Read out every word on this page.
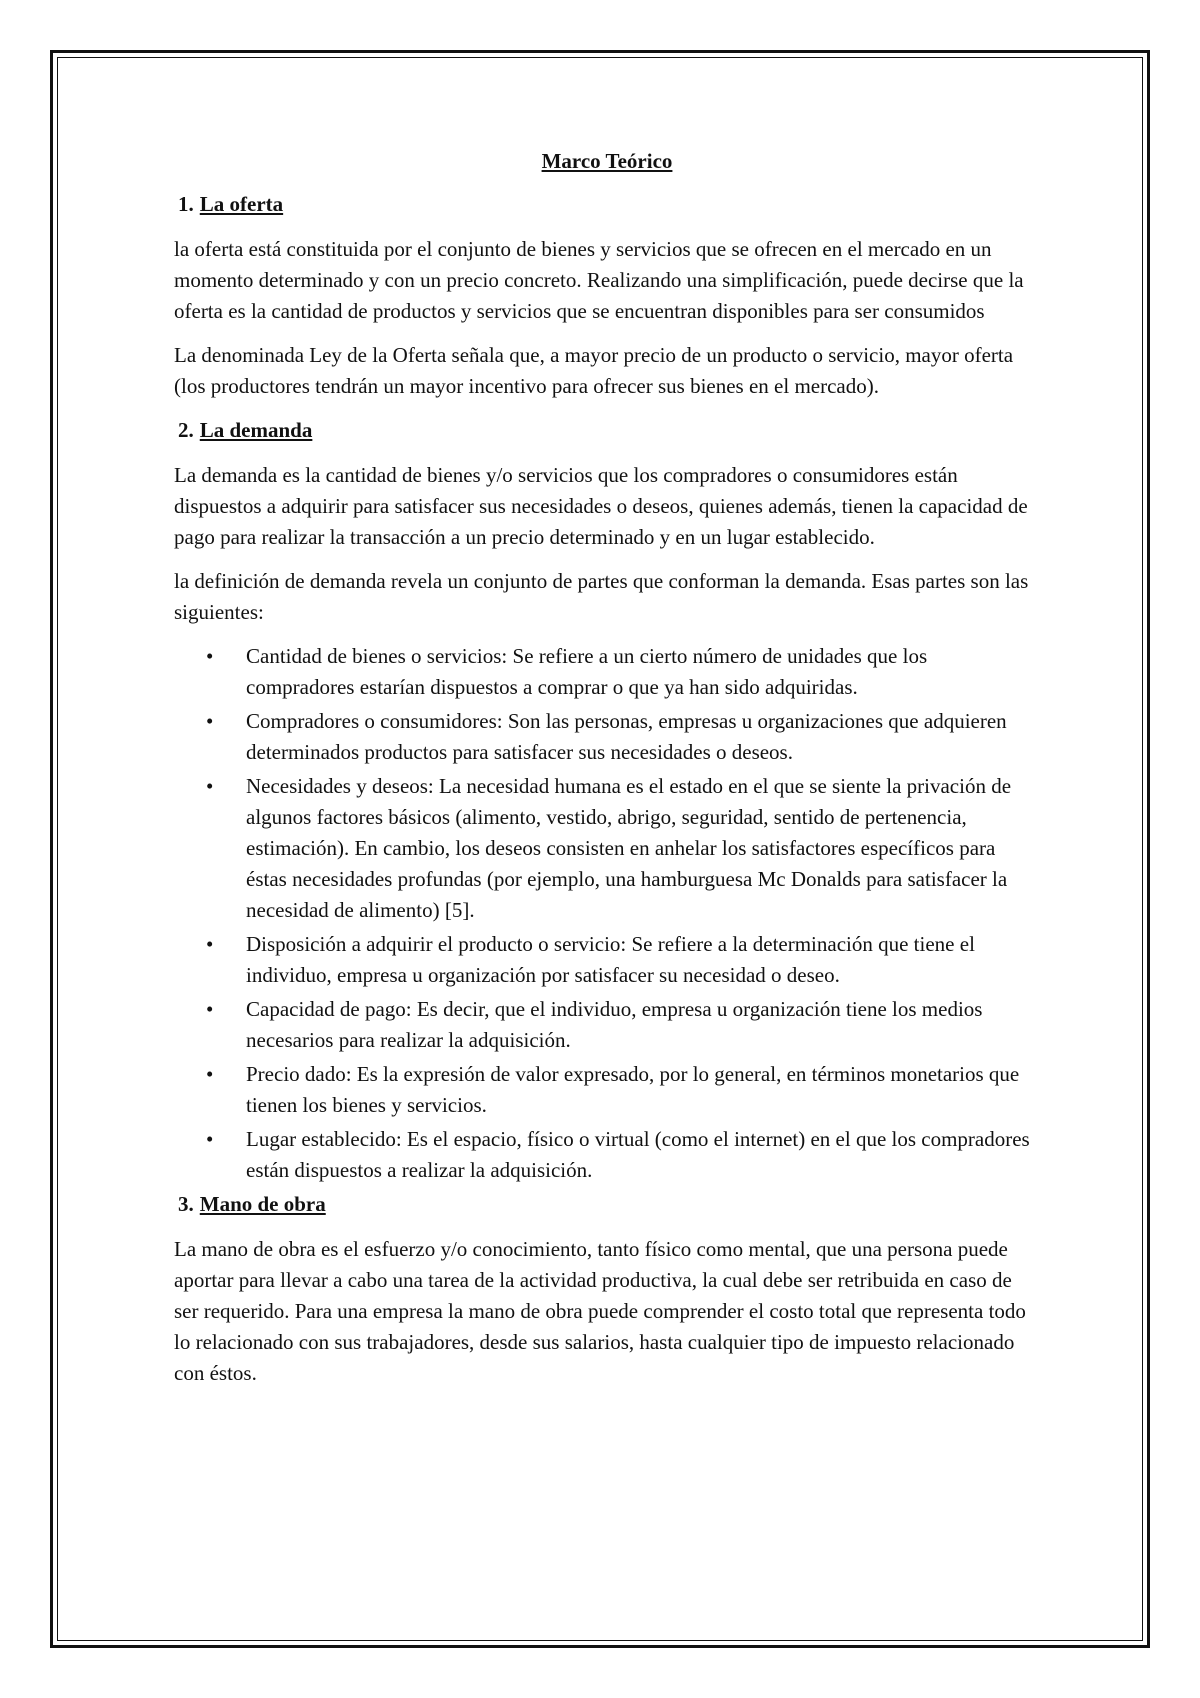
Marco Teórico
1. La oferta

la oferta está constituida por el conjunto de bienes y servicios que se ofrecen en el mercado en un momento determinado y con un precio concreto. Realizando una simplificación, puede decirse que la oferta es la cantidad de productos y servicios que se encuentran disponibles para ser consumidos

La denominada Ley de la Oferta señala que, a mayor precio de un producto o servicio, mayor oferta (los productores tendrán un mayor incentivo para ofrecer sus bienes en el mercado).

2. La demanda

La demanda es la cantidad de bienes y/o servicios que los compradores o consumidores están dispuestos a adquirir para satisfacer sus necesidades o deseos, quienes además, tienen la capacidad de pago para realizar la transacción a un precio determinado y en un lugar establecido.

la definición de demanda revela un conjunto de partes que conforman la demanda. Esas partes son las siguientes:

• Cantidad de bienes o servicios: Se refiere a un cierto número de unidades que los compradores estarían dispuestos a comprar o que ya han sido adquiridas.
• Compradores o consumidores: Son las personas, empresas u organizaciones que adquieren determinados productos para satisfacer sus necesidades o deseos.
• Necesidades y deseos: La necesidad humana es el estado en el que se siente la privación de algunos factores básicos (alimento, vestido, abrigo, seguridad, sentido de pertenencia, estimación). En cambio, los deseos consisten en anhelar los satisfactores específicos para éstas necesidades profundas (por ejemplo, una hamburguesa Mc Donalds para satisfacer la necesidad de alimento) [5].
• Disposición a adquirir el producto o servicio: Se refiere a la determinación que tiene el individuo, empresa u organización por satisfacer su necesidad o deseo.
• Capacidad de pago: Es decir, que el individuo, empresa u organización tiene los medios necesarios para realizar la adquisición.
• Precio dado: Es la expresión de valor expresado, por lo general, en términos monetarios que tienen los bienes y servicios.
• Lugar establecido: Es el espacio, físico o virtual (como el internet) en el que los compradores están dispuestos a realizar la adquisición.
3. Mano de obra

La mano de obra es el esfuerzo y/o conocimiento, tanto físico como mental, que una persona puede aportar para llevar a cabo una tarea de la actividad productiva, la cual debe ser retribuida en caso de ser requerido. Para una empresa la mano de obra puede comprender el costo total que representa todo lo relacionado con sus trabajadores, desde sus salarios, hasta cualquier tipo de impuesto relacionado con éstos.
